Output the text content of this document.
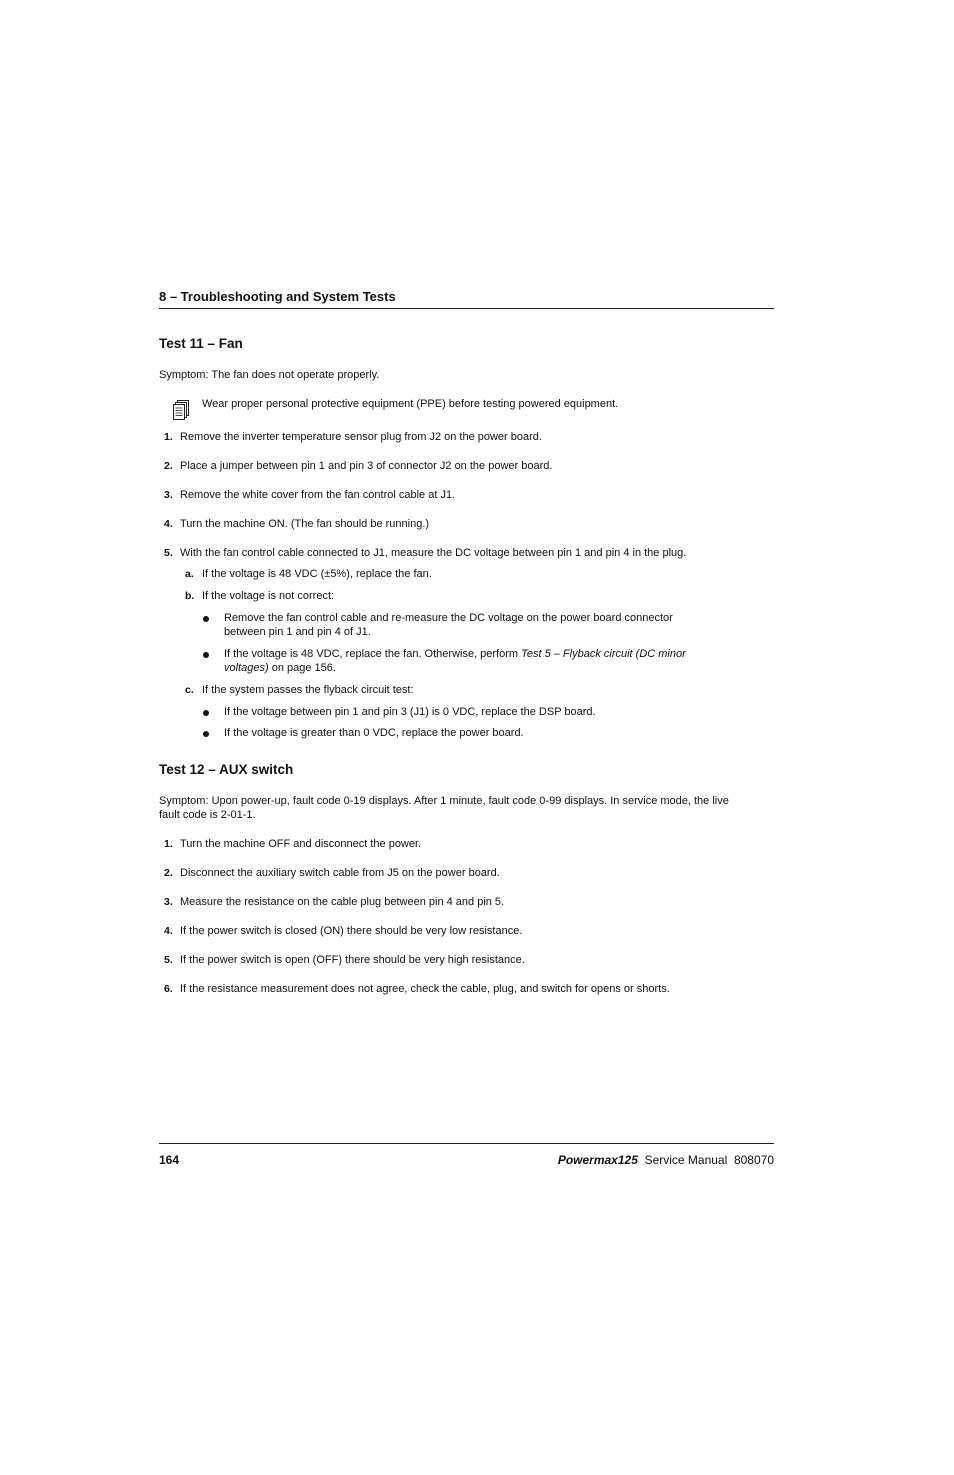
8 – Troubleshooting and System Tests
Test 11 – Fan
Symptom: The fan does not operate properly.
Wear proper personal protective equipment (PPE) before testing powered equipment.
1. Remove the inverter temperature sensor plug from J2 on the power board.
2. Place a jumper between pin 1 and pin 3 of connector J2 on the power board.
3. Remove the white cover from the fan control cable at J1.
4. Turn the machine ON. (The fan should be running.)
5. With the fan control cable connected to J1, measure the DC voltage between pin 1 and pin 4 in the plug.
a. If the voltage is 48 VDC (±5%), replace the fan.
b. If the voltage is not correct:
Remove the fan control cable and re-measure the DC voltage on the power board connector
between pin 1 and pin 4 of J1.
If the voltage is 48 VDC, replace the fan. Otherwise, perform Test 5 – Flyback circuit (DC minor
voltages) on page 156.
c. If the system passes the flyback circuit test:
If the voltage between pin 1 and pin 3 (J1) is 0 VDC, replace the DSP board.
If the voltage is greater than 0 VDC, replace the power board.
Test 12 – AUX switch
Symptom: Upon power-up, fault code 0-19 displays. After 1 minute, fault code 0-99 displays. In service mode, the live
fault code is 2-01-1.
1. Turn the machine OFF and disconnect the power.
2. Disconnect the auxiliary switch cable from J5 on the power board.
3. Measure the resistance on the cable plug between pin 4 and pin 5.
4. If the power switch is closed (ON) there should be very low resistance.
5. If the power switch is open (OFF) there should be very high resistance.
6. If the resistance measurement does not agree, check the cable, plug, and switch for opens or shorts.
164	Powermax125 Service Manual 808070
